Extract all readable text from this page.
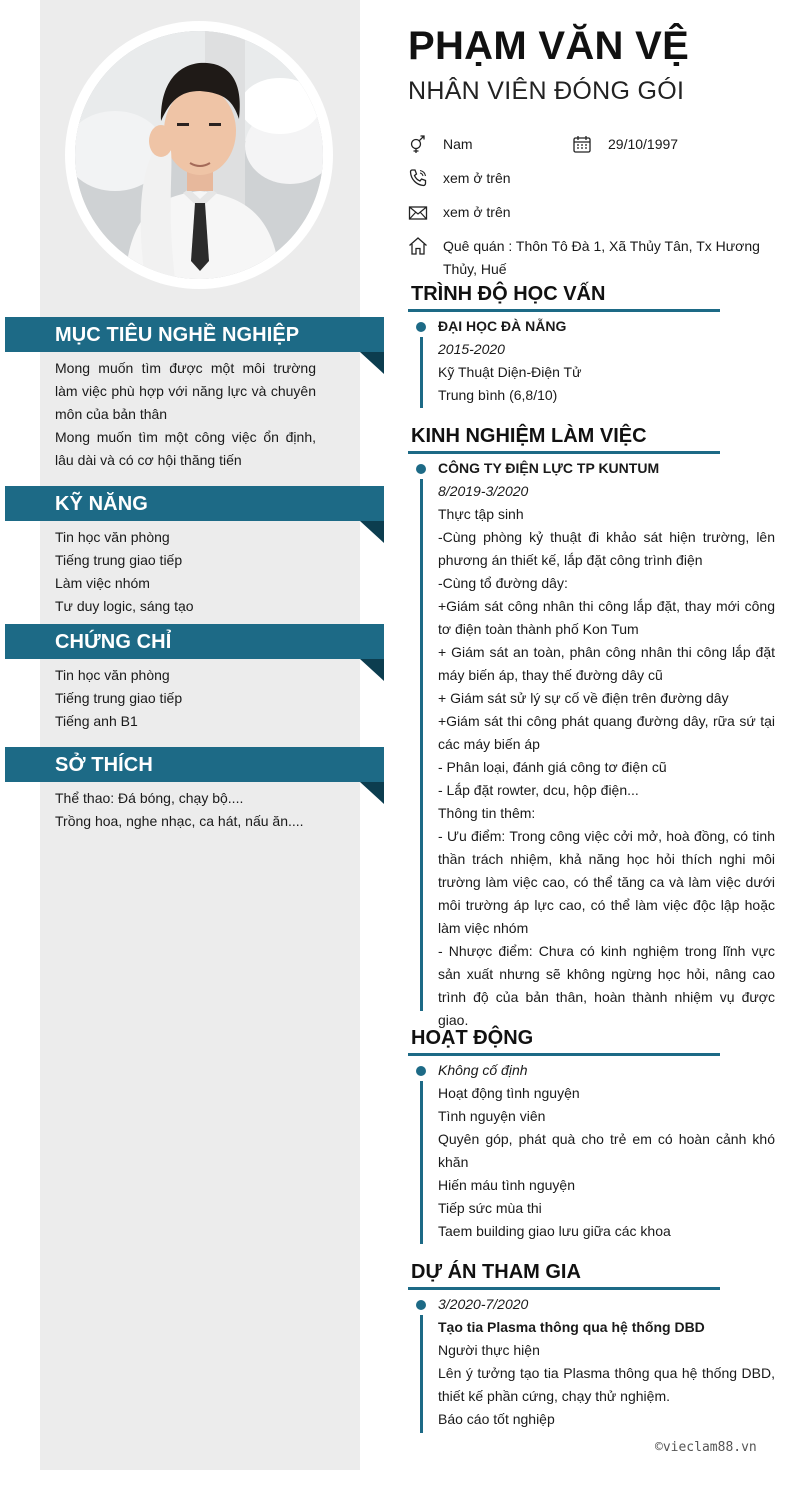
MỤC TIÊU NGHỀ NGHIỆP
Mong muốn tìm được một môi trường làm việc phù hợp với năng lực và chuyên môn của bản thân
Mong muốn tìm một công việc ổn định, lâu dài và có cơ hội thăng tiến
KỸ NĂNG
Tin học văn phòng
Tiếng trung giao tiếp
Làm việc nhóm
Tư duy logic, sáng tạo
CHỨNG CHỈ
Tin học văn phòng
Tiếng trung giao tiếp
Tiếng anh B1
SỞ THÍCH
Thể thao: Đá bóng, chạy bộ....
Trồng hoa, nghe nhạc, ca hát, nấu ăn....
PHẠM VĂN VỆ
NHÂN VIÊN ĐÓNG GÓI
Nam	29/10/1997
xem ở trên
xem ở trên
Quê quán : Thôn Tô Đà 1, Xã Thủy Tân, Tx Hương Thủy, Huế
TRÌNH ĐỘ HỌC VẤN
ĐẠI HỌC ĐÀ NẴNG
2015-2020
Kỹ Thuật Diện-Điện Tử
Trung bình (6,8/10)
KINH NGHIỆM LÀM VIỆC
CÔNG TY ĐIỆN LỰC TP KUNTUM
8/2019-3/2020
Thực tập sinh
-Cùng phòng kỷ thuật đi khảo sát hiện trường, lên phương án thiết kế, lắp đặt công trình điện
-Cùng tổ đường dây:
+Giám sát công nhân thi công lắp đặt, thay mới công tơ điện toàn thành phố Kon Tum
+ Giám sát an toàn, phân công nhân thi công lắp đặt máy biến áp, thay thế đường dây cũ
+ Giám sát sử lý sự cố về điện trên đường dây
+Giám sát thi công phát quang đường dây, rữa sứ tại các máy biến áp
- Phân loại, đánh giá công tơ điện cũ
- Lắp đặt rowter, dcu, hộp điện...
Thông tin thêm:
- Ưu điểm: Trong công việc cởi mở, hoà đồng, có tinh thần trách nhiệm, khả năng học hỏi thích nghi môi trường làm việc cao, có thể tăng ca và làm việc dưới môi trường áp lực cao, có thể làm việc độc lập hoặc làm việc nhóm
- Nhược điểm: Chưa có kinh nghiệm trong lĩnh vực sản xuất nhưng sẽ không ngừng học hỏi, nâng cao trình độ của bản thân, hoàn thành nhiệm vụ được giao.
HOẠT ĐỘNG
Không cố định
Hoạt động tình nguyện
Tình nguyện viên
Quyên góp, phát quà cho trẻ em có hoàn cảnh khó khăn
Hiến máu tình nguyện
Tiếp sức mùa thi
Taem building giao lưu giữa các khoa
DỰ ÁN THAM GIA
3/2020-7/2020
Tạo tia Plasma thông qua hệ thống DBD
Người thực hiện
Lên ý tưởng tạo tia Plasma thông qua hệ thống DBD, thiết kế phần cứng, chạy thử nghiệm.
Báo cáo tốt nghiệp
©vieclam88.vn
